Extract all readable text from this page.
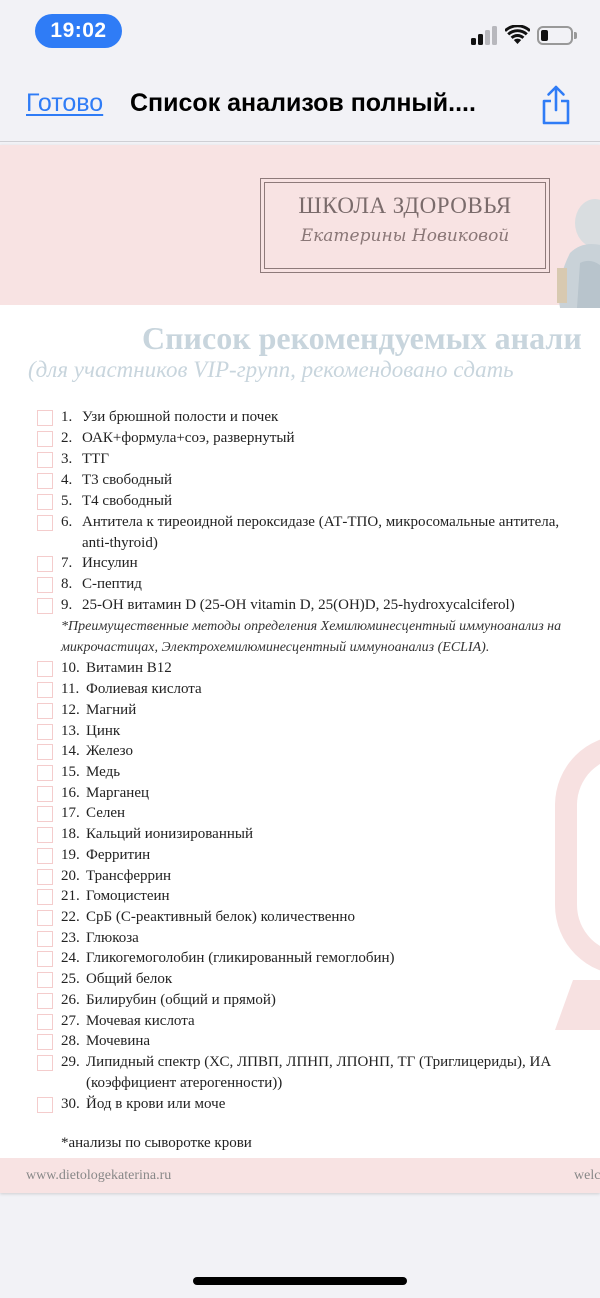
19:02
Готово Список анализов полный....
ШКОЛА ЗДОРОВЬЯ
Екатерины Новиковой
Список рекомендуемых анали
(для участников VIP-групп, рекомендовано сдать
1. Узи брюшной полости и почек
2. ОАК+формула+соэ, развернутый
3. ТТГ
4. Т3 свободный
5. Т4 свободный
6. Антитела к тиреоидной пероксидазе (АТ-ТПО, микросомальные антитела, anti-thyroid)
7. Инсулин
8. С-пептид
9. 25-OH витамин D (25-OH vitamin D, 25(OH)D, 25-hydroxycalciferol)
10. Витамин В12
11. Фолиевая кислота
12. Магний
13. Цинк
14. Железо
15. Медь
16. Марганец
17. Селен
18. Кальций ионизированный
19. Ферритин
20. Трансферрин
21. Гомоцистеин
22. СрБ (С-реактивный белок) количественно
23. Глюкоза
24. Гликогемоголобин (гликированный гемоглобин)
25. Общий белок
26. Билирубин (общий и прямой)
27. Мочевая кислота
28. Мочевина
29. Липидный спектр (ХС, ЛПВП, ЛПНП, ЛПОНП, ТГ (Триглицериды), ИА (коэффициент атерогенности))
30. Йод в крови или моче
*Преимущественные методы определения Хемилюминесцентный иммуноанализ на микрочастицах, Электрохемилюминесцентный иммуноанализ (ECLIA).
*анализы по сыворотке крови
www.dietologekaterina.ru	welc
